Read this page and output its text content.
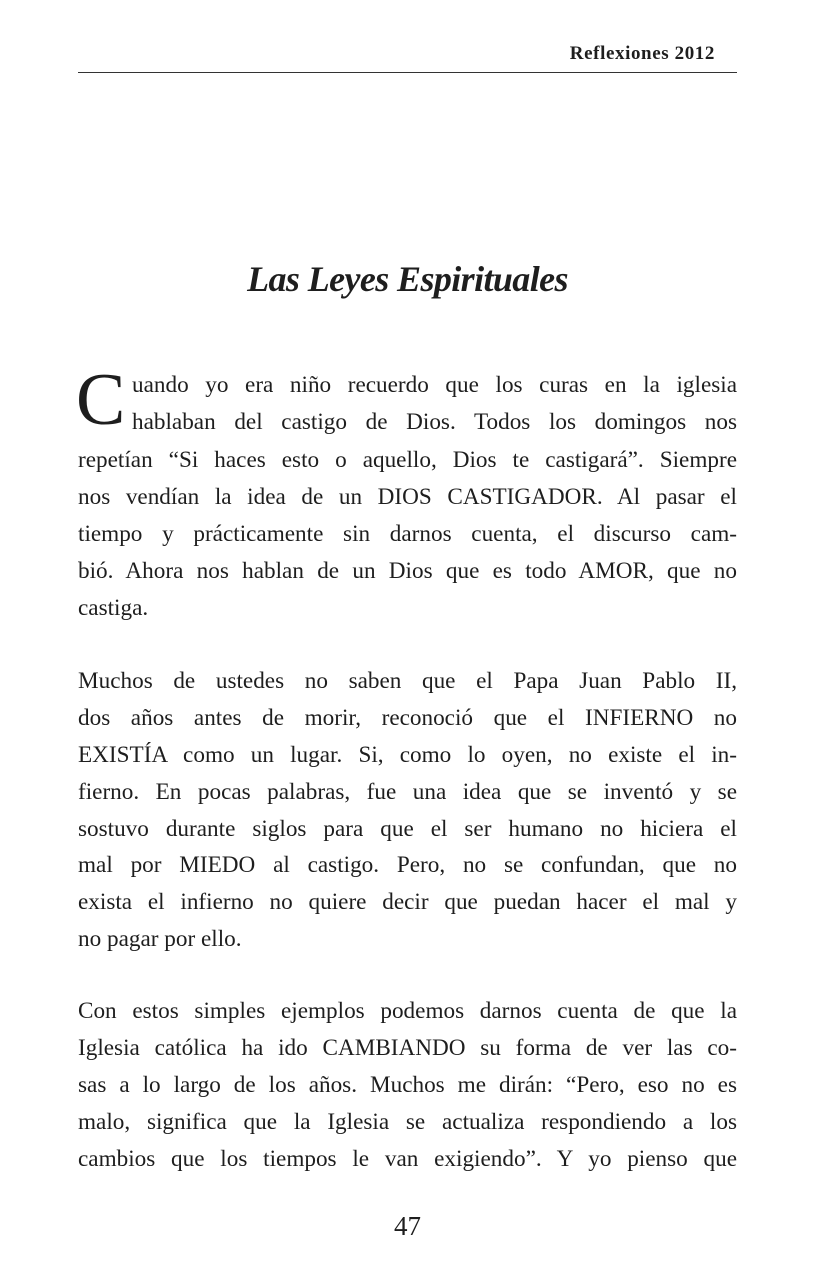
Reflexiones 2012
Las Leyes Espirituales
C uando yo era niño recuerdo que los curas en la iglesia
hablaban del castigo de Dios. Todos los domingos nos
repetían “Si haces esto o aquello, Dios te castigará”. Siempre
nos vendían la idea de un DIOS CASTIGADOR. Al pasar el
tiempo y prácticamente sin darnos cuenta, el discurso cam-
bió. Ahora nos hablan de un Dios que es todo AMOR, que no
castiga.
Muchos de ustedes no saben que el Papa Juan Pablo II,
dos años antes de morir, reconoció que el INFIERNO no
EXISTÍA como un lugar. Si, como lo oyen, no existe el in-
fierno. En pocas palabras, fue una idea que se inventó y se
sostuvo durante siglos para que el ser humano no hiciera el
mal por MIEDO al castigo. Pero, no se confundan, que no
exista el infierno no quiere decir que puedan hacer el mal y
no pagar por ello.
Con estos simples ejemplos podemos darnos cuenta de que la
Iglesia católica ha ido CAMBIANDO su forma de ver las co-
sas a lo largo de los años. Muchos me dirán: “Pero, eso no es
malo, significa que la Iglesia se actualiza respondiendo a los
cambios que los tiempos le van exigiendo”. Y yo pienso que
47
